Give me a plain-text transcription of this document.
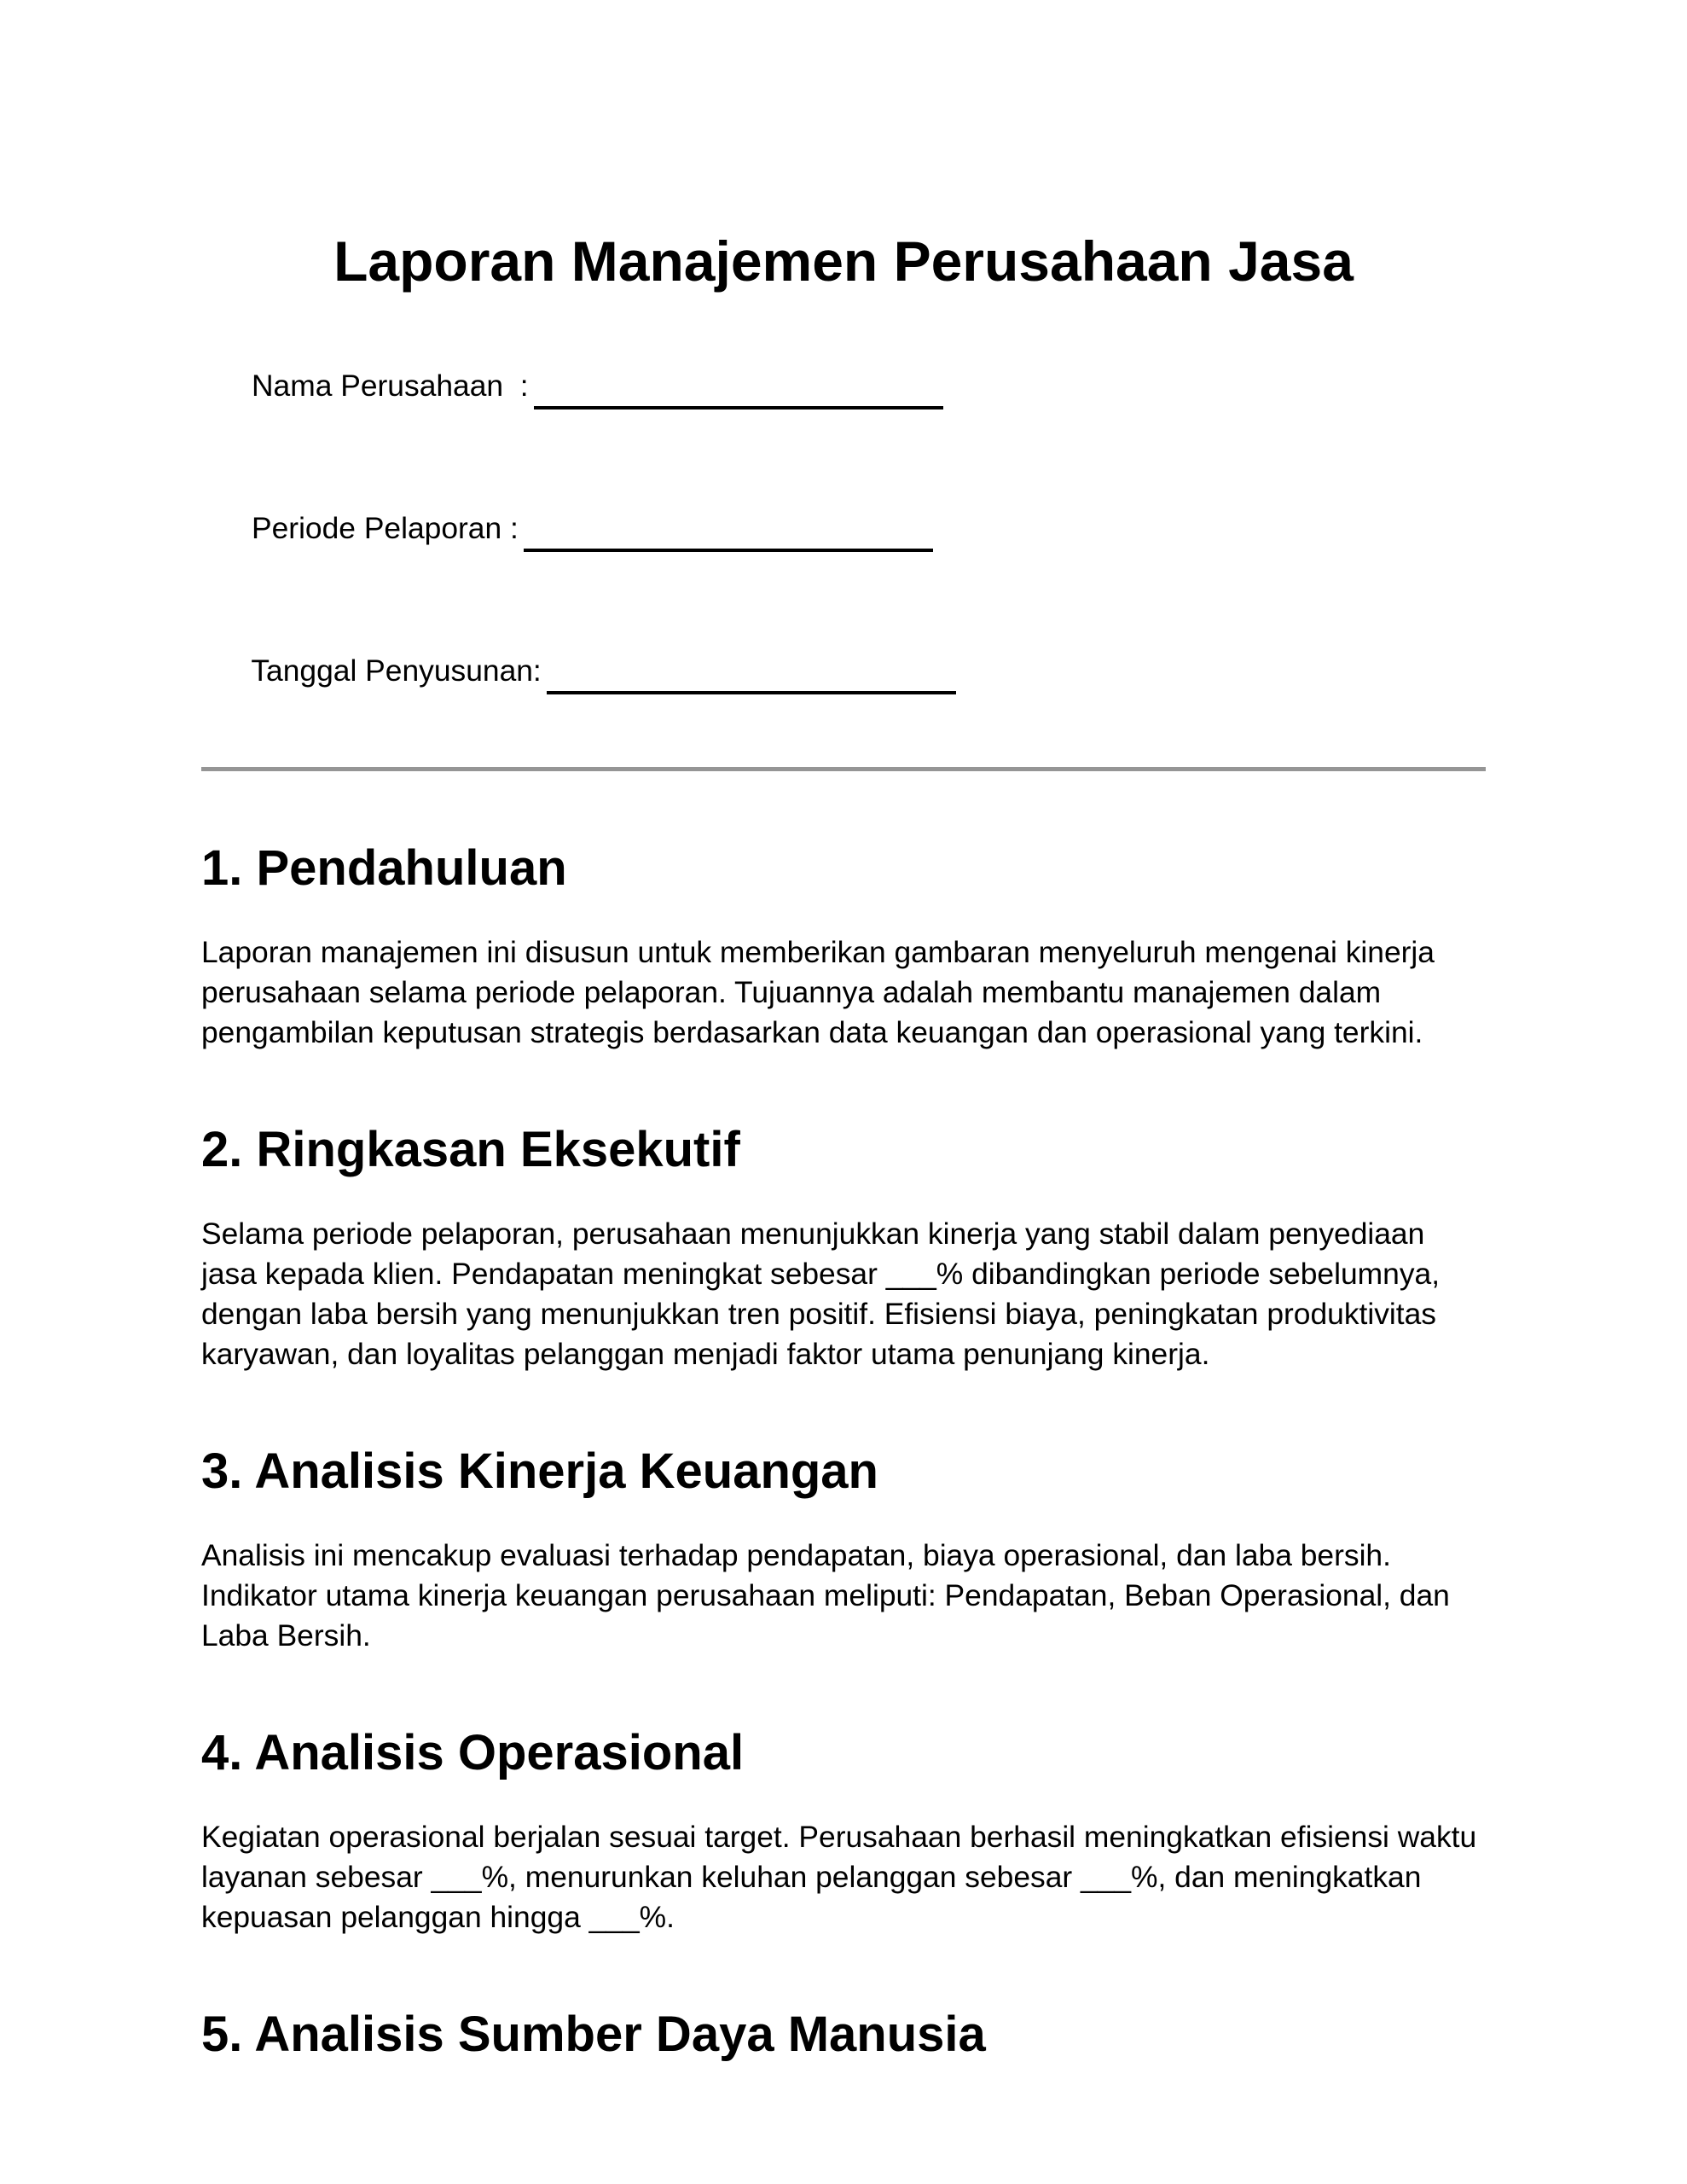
Laporan Manajemen Perusahaan Jasa

Nama Perusahaan  :

Periode Pelaporan :

Tanggal Penyusunan:

1. Pendahuluan

Laporan manajemen ini disusun untuk memberikan gambaran menyeluruh mengenai kinerja perusahaan selama periode pelaporan. Tujuannya adalah membantu manajemen dalam pengambilan keputusan strategis berdasarkan data keuangan dan operasional yang terkini.

2. Ringkasan Eksekutif

Selama periode pelaporan, perusahaan menunjukkan kinerja yang stabil dalam penyediaan jasa kepada klien. Pendapatan meningkat sebesar ___% dibandingkan periode sebelumnya, dengan laba bersih yang menunjukkan tren positif. Efisiensi biaya, peningkatan produktivitas karyawan, dan loyalitas pelanggan menjadi faktor utama penunjang kinerja.

3. Analisis Kinerja Keuangan

Analisis ini mencakup evaluasi terhadap pendapatan, biaya operasional, dan laba bersih. Indikator utama kinerja keuangan perusahaan meliputi: Pendapatan, Beban Operasional, dan Laba Bersih.

4. Analisis Operasional

Kegiatan operasional berjalan sesuai target. Perusahaan berhasil meningkatkan efisiensi waktu layanan sebesar ___%, menurunkan keluhan pelanggan sebesar ___%, dan meningkatkan kepuasan pelanggan hingga ___%.

5. Analisis Sumber Daya Manusia
